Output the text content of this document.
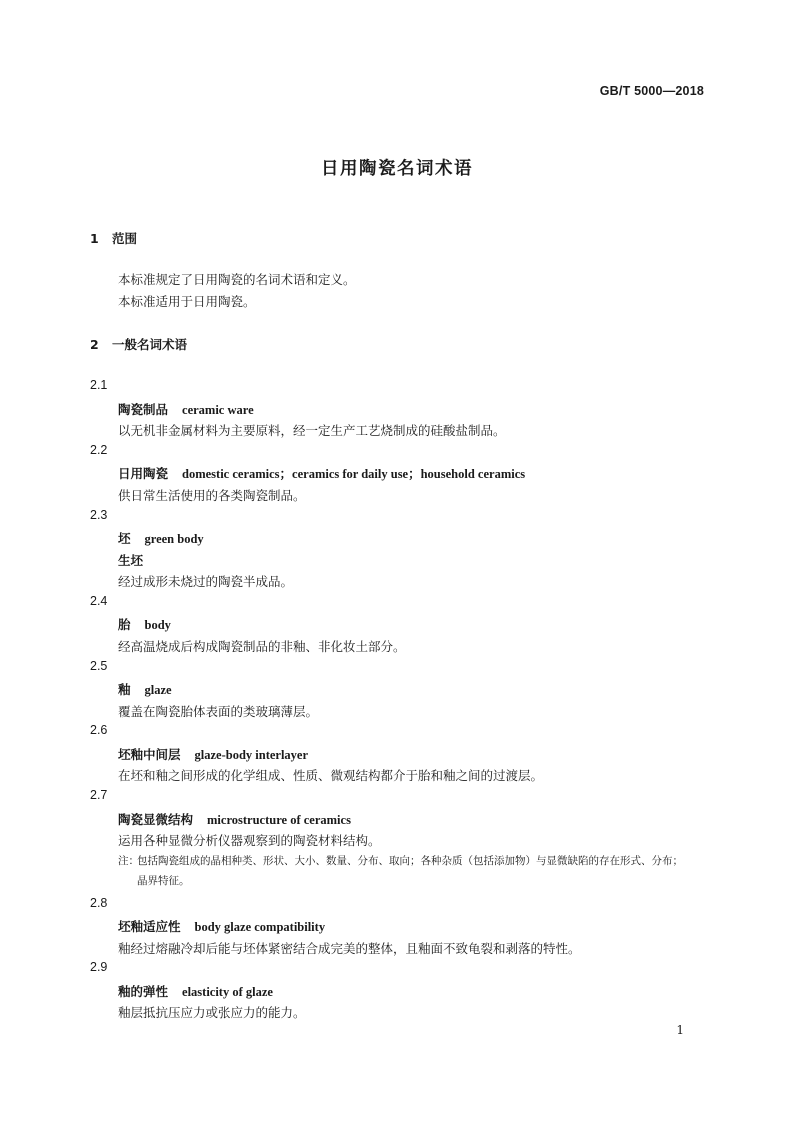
GB/T 5000—2018
日用陶瓷名词术语
1 范围
本标准规定了日用陶瓷的名词术语和定义。
本标准适用于日用陶瓷。
2 一般名词术语
2.1
陶瓷制品 ceramic ware
以无机非金属材料为主要原料，经一定生产工艺烧制成的硅酸盐制品。
2.2
日用陶瓷 domestic ceramics；ceramics for daily use；household ceramics
供日常生活使用的各类陶瓷制品。
2.3
坯 green body
生坯
经过成形未烧过的陶瓷半成品。
2.4
胎 body
经高温烧成后构成陶瓷制品的非釉、非化妆土部分。
2.5
釉 glaze
覆盖在陶瓷胎体表面的类玻璃薄层。
2.6
坯釉中间层 glaze-body interlayer
在坯和釉之间形成的化学组成、性质、微观结构都介于胎和釉之间的过渡层。
2.7
陶瓷显微结构 microstructure of ceramics
运用各种显微分析仪器观察到的陶瓷材料结构。
注：包括陶瓷组成的晶相种类、形状、大小、数量、分布、取向；各种杂质（包括添加物）与显微缺陷的存在形式、分布；
晶界特征。
2.8
坯釉适应性 body glaze compatibility
釉经过熔融冷却后能与坯体紧密结合成完美的整体，且釉面不致龟裂和剥落的特性。
2.9
釉的弹性 elasticity of glaze
釉层抵抗压应力或张应力的能力。
1
